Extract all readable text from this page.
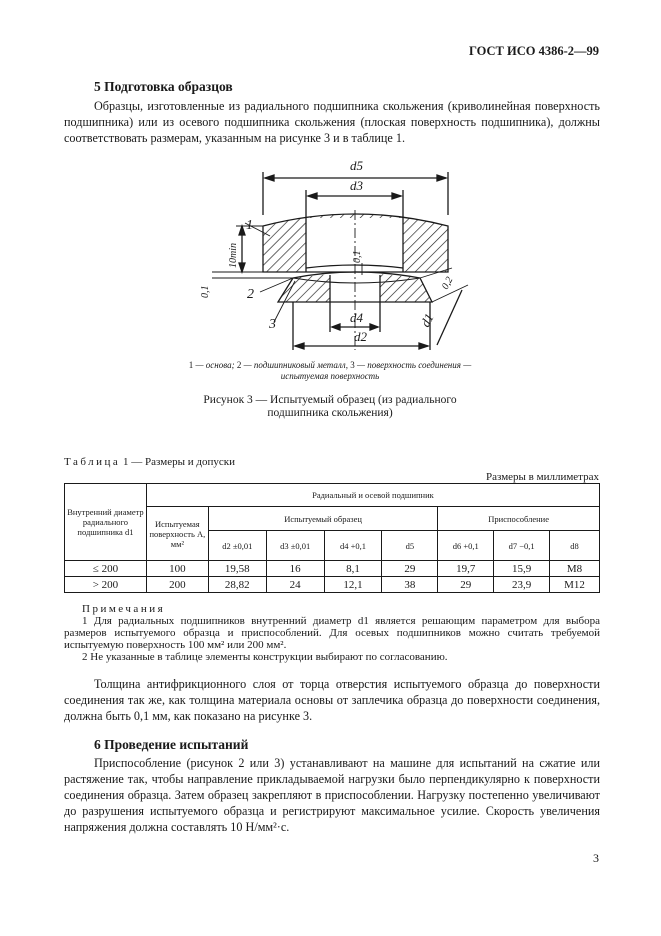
ГОСТ ИСО 4386-2—99
5 Подготовка образцов
Образцы, изготовленные из радиального подшипника скольжения (криволинейная поверхность подшипника) или из осевого подшипника скольжения (плоская поверхность подшипника), должны соответствовать размерам, указанным на рисунке 3 и в таблице 1.
d5
d3
d4
d2
d1
10min
0,1
0,1
0,2
1
2
3
1 — основа; 2 — подшипниковый металл, 3 — поверхность соединения — испытуемая поверхность
Рисунок 3 — Испытуемый образец (из радиального
подшипника скольжения)
Таблица 1 — Размеры и допуски
Размеры в миллиметрах
Внутренний диаметр радиального подшипника d1	Радиальный и осевой подшипник							
	Испытуемая поверхность A, мм²	Испытуемый образец				Приспособление		
		d2 ±0,01	d3 ±0,01	d4 +0,1	d5	d6 +0,1	d7 −0,1	d8
≤ 200	100	19,58	16	8,1	29	19,7	15,9	M8
> 200	200	28,82	24	12,1	38	29	23,9	M12
Примечания

1 Для радиальных подшипников внутренний диаметр d1 является решающим параметром для выбора размеров испытуемого образца и приспособлений. Для осевых подшипников можно считать требуемой испытуемую поверхность 100 мм² или 200 мм².

2 Не указанные в таблице элементы конструкции выбирают по согласованию.

Толщина антифрикционного слоя от торца отверстия испытуемого образца до поверхности соединения так же, как толщина материала основы от заплечика образца до поверхности соединения, должна быть 0,1 мм, как показано на рисунке 3.
6 Проведение испытаний
Приспособление (рисунок 2 или 3) устанавливают на машине для испытаний на сжатие или растяжение так, чтобы направление прикладываемой нагрузки было перпендикулярно к поверхности соединения образца. Затем образец закрепляют в приспособлении. Нагрузку постепенно увеличивают до разрушения испытуемого образца и регистрируют максимальное усилие. Скорость увеличения напряжения должна составлять 10 Н/мм²·с.
3
